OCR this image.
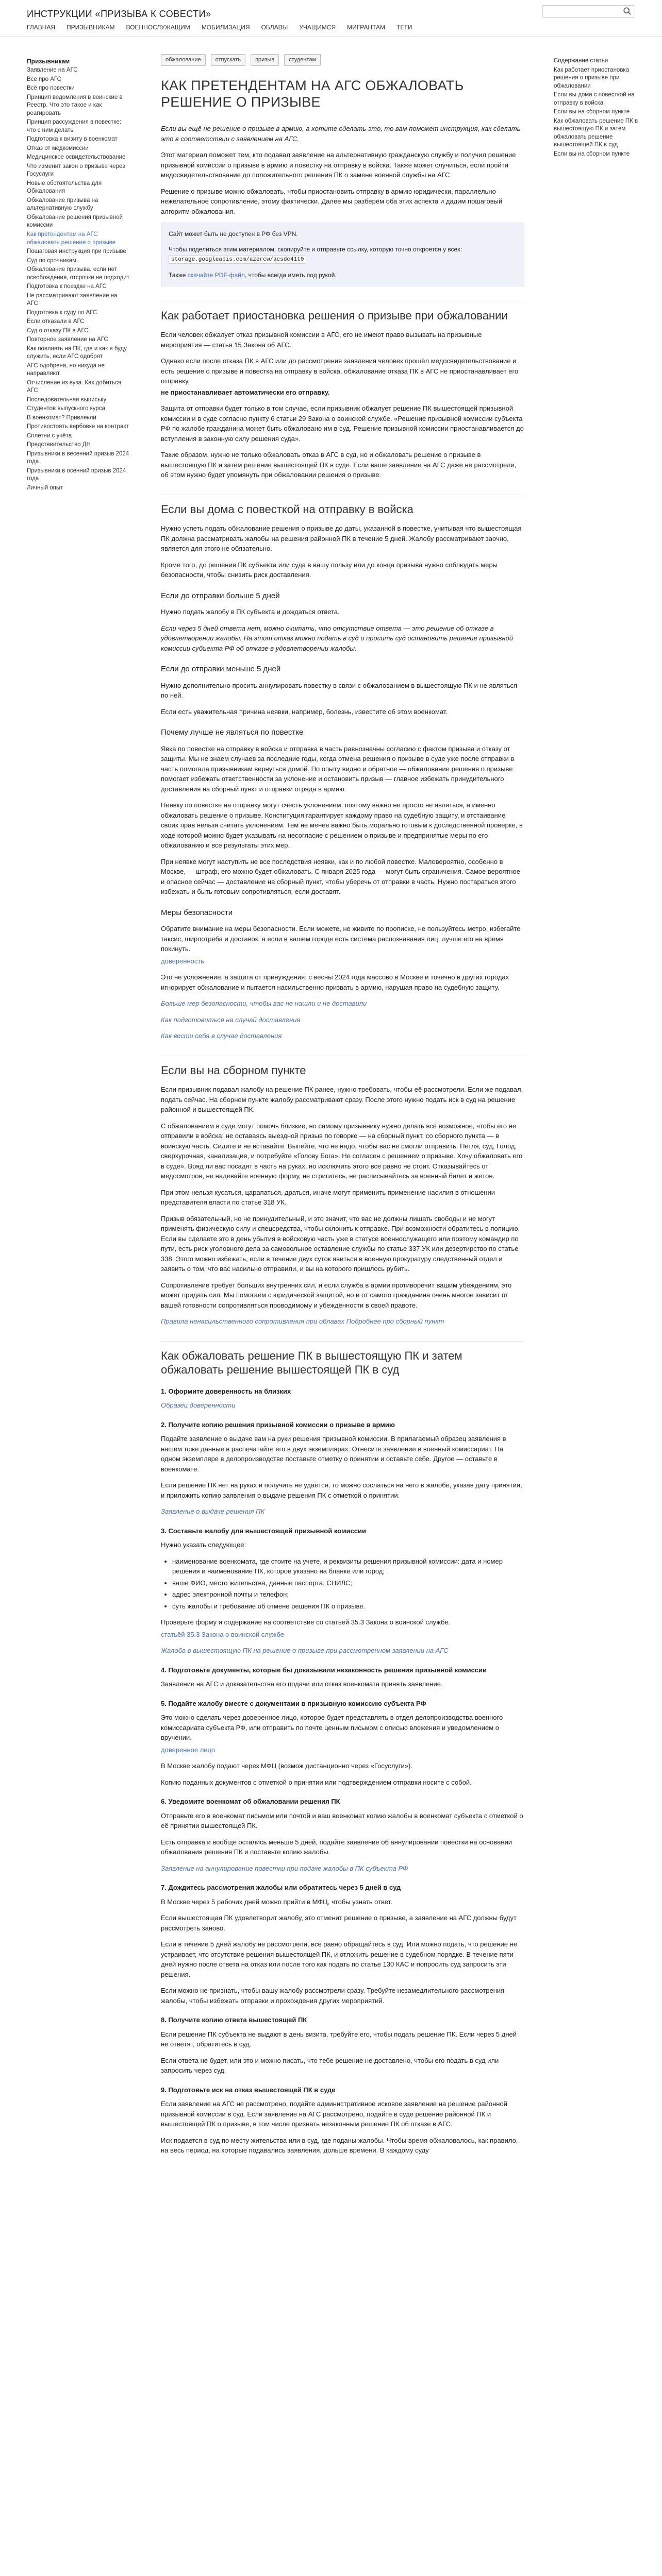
ИНСТРУКЦИИ «ПРИЗЫВА К СОВЕСТИ»
ГЛАВНАЯ ПРИЗЫВНИКАМ ВОЕННОСЛУЖАЩИМ МОБИЛИЗАЦИЯ ОБЛАВЫ УЧАЩИМСЯ МИГРАНТАМ ТЕГИ
Призывникам
Заявление на АГС
Все про АГС
Всё про повестки
Принцип ведомления в воинские в Реестр. Что это такое и как реагировать
Принцип рассуждения в повестке: что с ним делать
Подготовка к визиту в военкомат
Отказ от медкомиссии
Медицинское освидетельствование
Что изменит закон о призыве через Госуслуги
Новые обстоятельства для Обжалования
Обжалование призыва на альтернативную службу
Обжалование решения призывной комиссии
Как претендентам на АГС обжаловать решение о призыве
Пошаговая инструкция при призыве
Суд по срочникам
Обжалование призыва, если нет освобождения, отсрочки не подходит
Подготовка к поездке на АГС
Не рассматривают заявление на АГС
Подготовка к суду по АГС
Если отказали в АГС
Суд о отказу ПК в АГС
Повторное заявление на АГС
Как повлиять на ПК, где и как я буду служить, если АГС одобрят
АГС одобрена, но никуда не направляют
Отчисление из вуза. Как добиться АГС
Последовательная выпиську
Студентов выпускного курса
В военкомат? Привлекли
Противостоять вербовке на контракт
Сплетни с учёта
Представительство ДН
Призывники в весенний призыв 2024 года
Призывники в осенний призыв 2024 года
Личный опыт
обжалование	отпускать	призыв	студентам
КАК ПРЕТЕНДЕНТАМ НА АГС ОБЖАЛОВАТЬ РЕШЕНИЕ О ПРИЗЫВЕ

Если вы ещё не решение о призыве в армию, а хотите сделать это, то вам поможет инструкция, как сделать это в соответствии с заявлением на АГС.

Этот материал поможет тем, кто подавал заявление на альтернативную гражданскую службу и получил решение призывной комиссии о призыве в армию и повестку на отправку в войска. Также может случиться, если пройти медосвидетельствование до положительного решения ПК о замене военной службы на АГС.

Решение о призыве можно обжаловать, чтобы приостановить отправку в армию юридически, параллельно нежелательное сопротивление, этому фактически. Далее мы разберём оба этих аспекта и дадим пошаговый алгоритм обжалования.

Сайт может быть не доступен в РФ без VPN.

Чтобы поделиться этим материалом, скопируйте и отправьте ссылку, которую точно откроется у всех: storage.googleapis.com/azercw/acsdc41t0

Также скачайте PDF-файл, чтобы всегда иметь под рукой.

Как работает приостановка решения о призыве при обжаловании

Если человек обжалует отказ призывной комиссии в АГС, его не имеют право вызывать на призывные мероприятия — статья 15 Закона об АГС.

Однако если после отказа ПК в АГС или до рассмотрения заявления человек прошёл медосвидетельствование и есть решение о призыве и повестка на отправку в войска, обжалование отказа ПК в АГС не приостанавливает его отправку.

не приостанавливает автоматически его отправку.

Защита от отправки будет только в том случае, если призывник обжалует решение ПК вышестоящей призывной комиссии и в суде согласно пункту 6 статьи 29 Закона о воинской службе. «Решение призывной комиссии субъекта РФ по жалобе гражданина может быть обжаловано им в суд. Решение призывной комиссии приостанавливается до вступления в законную силу решения суда».

Такие образом, нужно не только обжаловать отказ в АГС в суд, но и обжаловать решение о призыве в вышестоящую ПК и затем решение вышестоящей ПК в суде. Если ваше заявление на АГС даже не рассмотрели, об этом нужно будет упомянуть при обжаловании решения о призыве.

Если вы дома с повесткой на отправку в войска

Нужно успеть подать обжалование решения о призыве до даты, указанной в повестке, учитывая что вышестоящая ПК должна рассматривать жалобы на решения районной ПК в течение 5 дней. Жалобу рассматривают заочно, является для этого не обязательно.

Кроме того, до решения ПК субъекта или суда в вашу пользу или до конца призыва нужно соблюдать меры безопасности, чтобы снизить риск доставления.

Если до отправки больше 5 дней

Нужно подать жалобу в ПК субъекта и дождаться ответа.

Если через 5 дней ответа нет, можно считать, что отсутствие ответа — это решение об отказе в удовлетворении жалобы. На этот отказ можно подать в суд и просить суд остановить решение призывной комиссии субъекта РФ об отказе в удовлетворении жалобы.

Если до отправки меньше 5 дней

Нужно дополнительно просить аннулировать повестку в связи с обжалованием в вышестоящую ПК и не являться по ней.

Если есть уважительная причина неявки, например, болезнь, известите об этом военкомат.

Почему лучше не являться по повестке

Явка по повестке на отправку в войска и отправка в часть равнозначны согласию с фактом призыва и отказу от защиты. Мы не знаем случаев за последние годы, когда отмена решения о призыве в суде уже после отправки в часть помогала призывникам вернуться домой. По опыту видно и обратное — обжалование решения о призыве помогает избежать ответственности за уклонение и остановить призыв — главное избежать принудительного доставления на сборный пункт и отправки отряда в армию.

Неявку по повестке на отправку могут счесть уклонением, поэтому важно не просто не являться, а именно обжаловать решение о призыве. Конституция гарантирует каждому право на судебную защиту, и отстаивание своих прав нельзя считать уклонением. Тем не менее важно быть морально готовым к доследственной проверке, в ходе которой можно будет указывать на несогласие с решением о призыве и предпринятые меры по его обжалованию и все результаты этих мер.

При неявке могут наступить не все последствия неявки, как и по любой повестке. Маловероятно, особенно в Москве, — штраф, его можно будет обжаловать. С января 2025 года — могут быть ограничения. Самое вероятное и опасное сейчас — доставление на сборный пункт, чтобы уберечь от отправки в часть. Нужно постараться этого избежать и быть готовым сопротивляться, если доставят.

Меры безопасности

Обратите внимание на меры безопасности. Если можете, не живите по прописке, не пользуйтесь метро, избегайте таксис, ширпотреба и доставок, а если в вашем городе есть система распознавания лиц, лучше его на время покинуть.

доверенность

Это не усложнение, а защита от принуждения: с весны 2024 года массово в Москве и точечно в других городах игнорирует обжалование и пытается насильственно призвать в армию, нарушая право на судебную защиту.

Больше мер безопасности, чтобы вас не нашли и не доставили

Как подготовиться на случай доставления

Как вести себя в случае доставления

Если вы на сборном пункте

Если призывник подавал жалобу на решение ПК ранее, нужно требовать, чтобы её рассмотрели. Если же подавал, подать сейчас. На сборном пункте жалобу рассматривают сразу. После этого нужно подать иск в суд на решение районной и вышестоящей ПК.

С обжалованием в суде могут помочь близкие, но самому призывнику нужно делать всё возможное, чтобы его не отправили в войска: не оставаясь выездной призыв по говорке — на сборный пункт, со сборного пункта — в воинскую часть. Сидите и не вставайте. Выпейте, что не надо, чтобы вас не смогли отправить. Петля, суд, Голод, сверхурочная, канализация, и потребуйте «Голову Бога». Не согласен с решением о призыве. Хочу обжаловать его в суде». Вряд ли вас посадят в часть на руках, но исключить этого все равно не стоит. Отказывайтесь от медосмотров, не надевайте военную форму, не стригитесь, не расписывайтесь за военный билет и жетон.

При этом нельзя кусаться, царапаться, драться, иначе могут применить применение насилия в отношении представителя власти по статье 318 УК.

Призыв обязательный, но не принудительный, и это значит, что вас не должны лишать свободы и не могут применять физическую силу и спецсредства, чтобы склонить к отправке. При возможности обратитесь в полицию. Если вы сделаете это в день убытия в войсковую часть уже в статусе военнослужащего или поэтому командир по пути, есть риск уголовного дела за самовольное оставление службы по статье 337 УК или дезертирство по статье 338. Этого можно избежать, если в течение двух суток явиться в военную прокуратуру следственный отдел и заявить о том, что вас насильно отправили, и вы на которого пришлось рубить.

Сопротивление требует больших внутренних сил, и если служба в армии противоречит вашим убеждениям, это может придать сил. Мы помогаем с юридической защитой, но и от самого гражданина очень многое зависит от вашей готовности сопротивляться проводимому и убеждённости в своей правоте.

Правила ненасильственного сопротивления при облавах Подробнее про сборный пункт

Как обжаловать решение ПК в вышестоящую ПК и затем обжаловать решение вышестоящей ПК в суд
1. Оформите доверенность на близких

Образец доверенности

2. Получите копию решения призывной комиссии о призыве в армию

Подайте заявление о выдаче вам на руки решения призывной комиссии. В прилагаемый образец заявления в нашем тоже данные в распечатайте его в двух экземплярах. Отнесите заявление в военный комиссариат. На одном экземпляре в делопроизводстве поставьте отметку о принятии и оставьте себе. Другое — оставьте в военкомате.

Если решение ПК нет на руках и получить не удаётся, то можно сослаться на него в жалобе, указав дату принятия, и приложить копию заявления о выдаче решения ПК с отметкой о принятии.

Заявление о выдаче решения ПК

3. Составьте жалобу для вышестоящей призывной комиссии

Нужно указать следующее:

• наименование военкомата, где стоите на учете, и реквизиты решения призывной комиссии: дата и номер решения и наименование ПК, которое указано на бланке или город;
• ваше ФИО, место жительства, данные паспорта, СНИЛС;
• адрес электронной почты и телефон;
• суть жалобы и требование об отмене решения ПК о призыве.

Проверьте форму и содержание на соответствие со статьёй 35.3 Закона о воинской службе.

статьёй 35.3 Закона о воинской службе

Жалоба в вышестоящую ПК на решение о призыве при рассмотренном заявлении на АГС

4. Подготовьте документы, которые бы доказывали незаконность решения призывной комиссии

Заявление на АГС и доказательства его подачи или отказ военкомата принять заявление.

5. Подайте жалобу вместе с документами в призывную комиссию субъекта РФ

Это можно сделать через доверенное лицо, которое будет представлять в отдел делопроизводства военного комиссариата субъекта РФ, или отправить по почте ценным письмом с описью вложения и уведомлением о вручении.

доверенное лицо

В Москве жалобу подают через МФЦ (возмож дистанционно через «Госуслуги»).

Копию поданных документов с отметкой о принятии или подтверждением отправки носите с собой.

6. Уведомите военкомат об обжаловании решения ПК

Отправьте его в военкомат письмом или почтой и ваш военкомат копию жалобы в военкомат субъекта с отметкой о её принятии вышестоящей ПК.

Есть отправка и вообще остались меньше 5 дней, подайте заявление об аннулировании повестки на основании обжалования решения ПК и поставьте копию жалобы.

Заявление на аннулирование повестки при подаче жалобы в ПК субъекта РФ

7. Дождитесь рассмотрения жалобы или обратитесь через 5 дней в суд

В Москве через 5 рабочих дней можно прийти в МФЦ, чтобы узнать ответ.

Если вышестоящая ПК удовлетворит жалобу, это отменит решение о призыве, а заявление на АГС должны будут рассмотреть заново.

Если в течение 5 дней жалобу не рассмотрели, все равно обращайтесь в суд. Или можно подать, что решение не устраивает, что отсутствие решения вышестоящей ПК, и отложить решение в судебном порядке. В течение пяти дней нужно после ответа на отказ или после того как подать по статье 130 КАС и попросить суд запросить эти решения.

Если можно не признать, чтобы вашу жалобу рассмотрели сразу. Требуйте незамедлительного рассмотрения жалобы, чтобы избежать отправки и прохождения других мероприятий.

8. Получите копию ответа вышестоящей ПК

Если решение ПК субъекта не выдают в день визита, требуйте его, чтобы подать решение ПК. Если через 5 дней не ответят, обратитесь в суд.

Если ответа не будет, или это и можно писать, что тебе решение не доставлено, чтобы его подать в суд или запросить через суд.

9. Подготовьте иск на отказ вышестоящей ПК в суде

Если заявление на АГС не рассмотрено, подайте административное исковое заявление на решение районной призывной комиссии в суд. Если заявление на АГС рассмотрено, подайте в суде решение районной ПК и вышестоящей ПК о призыве, в том числе признать незаконным решение ПК об отказе в АГС.

Иск подается в суд по месту жительства или в суд, где поданы жалобы. Чтобы время обжаловалось, как правило, на весь период, на которые подавались заявления, дольше времени. В каждому суду

Содержание статьи
Как работает приостановка решения о призыве при обжаловании
Если вы дома с повесткой на отправку в войска
Если вы на сборном пункте
Как обжаловать решение ПК в вышестоящую ПК и затем обжаловать решение вышестоящей ПК в суд
Если вы на сборном пункте
